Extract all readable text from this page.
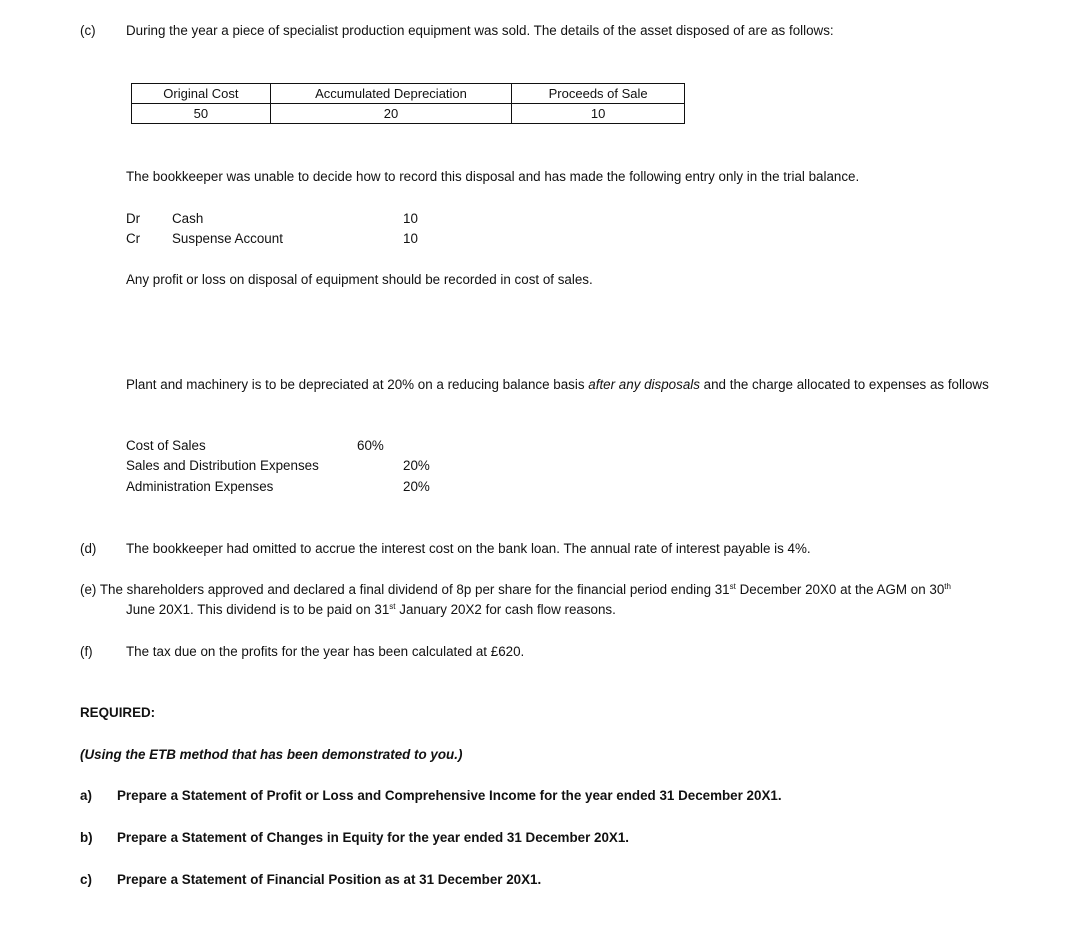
(c) During the year a piece of specialist production equipment was sold. The details of the asset disposed of are as follows:
Original Cost	Accumulated Depreciation	Proceeds of Sale
50	20	10
The bookkeeper was unable to decide how to record this disposal and has made the following entry only in the trial balance.
Dr Cash	10
Cr Suspense Account	10
Any profit or loss on disposal of equipment should be recorded in cost of sales.
Plant and machinery is to be depreciated at 20% on a reducing balance basis after any disposals and the charge allocated to expenses as follows
Cost of Sales	60%
Sales and Distribution Expenses	20%
Administration Expenses	20%
(d) The bookkeeper had omitted to accrue the interest cost on the bank loan. The annual rate of interest payable is 4%.
(e) The shareholders approved and declared a final dividend of 8p per share for the financial period ending 31st December 20X0 at the AGM on 30th
June 20X1. This dividend is to be paid on 31st January 20X2 for cash flow reasons.
(f) The tax due on the profits for the year has been calculated at £620.
REQUIRED:
(Using the ETB method that has been demonstrated to you.)
a) Prepare a Statement of Profit or Loss and Comprehensive Income for the year ended 31 December 20X1.
b) Prepare a Statement of Changes in Equity for the year ended 31 December 20X1.
c) Prepare a Statement of Financial Position as at 31 December 20X1.
